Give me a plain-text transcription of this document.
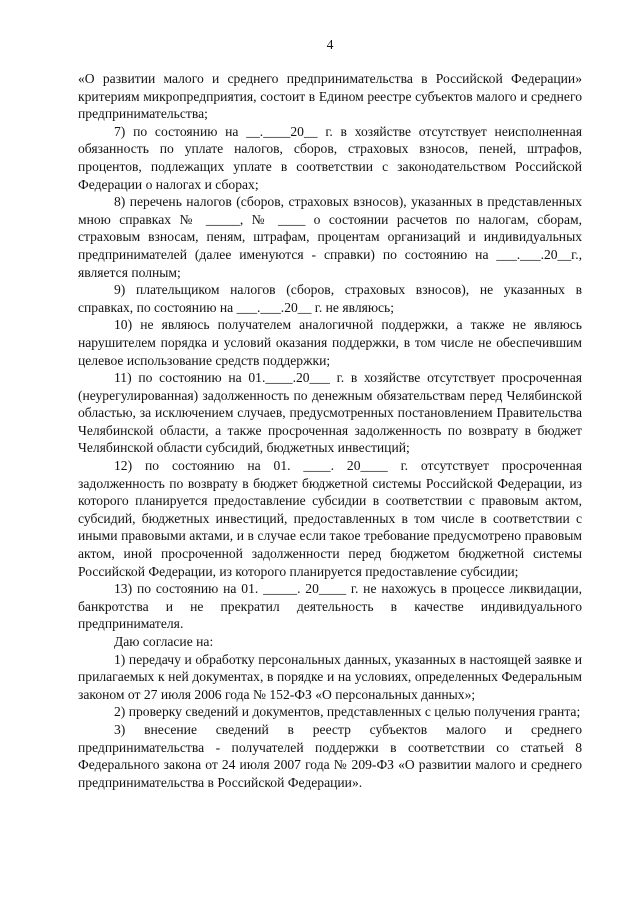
4

«О развитии малого и среднего предпринимательства в Российской Федерации» критериям микропредприятия, состоит в Едином реестре субъектов малого и среднего предпринимательства;

7) по состоянию на __.____20__ г. в хозяйстве отсутствует неисполненная обязанность по уплате налогов, сборов, страховых взносов, пеней, штрафов, процентов, подлежащих уплате в соответствии с законодательством Российской Федерации о налогах и сборах;

8) перечень налогов (сборов, страховых взносов), указанных в представленных мною справках № _____, № ____ о состоянии расчетов по налогам, сборам, страховым взносам, пеням, штрафам, процентам организаций и индивидуальных предпринимателей (далее именуются - справки) по состоянию на ___.___.20__г., является полным;

9) плательщиком налогов (сборов, страховых взносов), не указанных в справках, по состоянию на ___.___.20__ г. не являюсь;

10) не являюсь получателем аналогичной поддержки, а также не являюсь нарушителем порядка и условий оказания поддержки, в том числе не обеспечившим целевое использование средств поддержки;

11) по состоянию на 01.____.20___ г. в хозяйстве отсутствует просроченная (неурегулированная) задолженность по денежным обязательствам перед Челябинской областью, за исключением случаев, предусмотренных постановлением Правительства Челябинской области, а также просроченная задолженность по возврату в бюджет Челябинской области субсидий, бюджетных инвестиций;

12) по состоянию на 01. ____. 20____ г. отсутствует просроченная задолженность по возврату в бюджет бюджетной системы Российской Федерации, из которого планируется предоставление субсидии в соответствии с правовым актом, субсидий, бюджетных инвестиций, предоставленных в том числе в соответствии с иными правовыми актами, и в случае если такое требование предусмотрено правовым актом, иной просроченной задолженности перед бюджетом бюджетной системы Российской Федерации, из которого планируется предоставление субсидии;

13) по состоянию на 01. _____. 20____ г. не нахожусь в процессе ликвидации, банкротства и не прекратил деятельность в качестве индивидуального предпринимателя.

Даю согласие на:

1) передачу и обработку персональных данных, указанных в настоящей заявке и прилагаемых к ней документах, в порядке и на условиях, определенных Федеральным законом от 27 июля 2006 года № 152-ФЗ «О персональных данных»;

2) проверку сведений и документов, представленных с целью получения гранта;

3) внесение сведений в реестр субъектов малого и среднего предпринимательства - получателей поддержки в соответствии со статьей 8 Федерального закона от 24 июля 2007 года № 209-ФЗ «О развитии малого и среднего предпринимательства в Российской Федерации».
